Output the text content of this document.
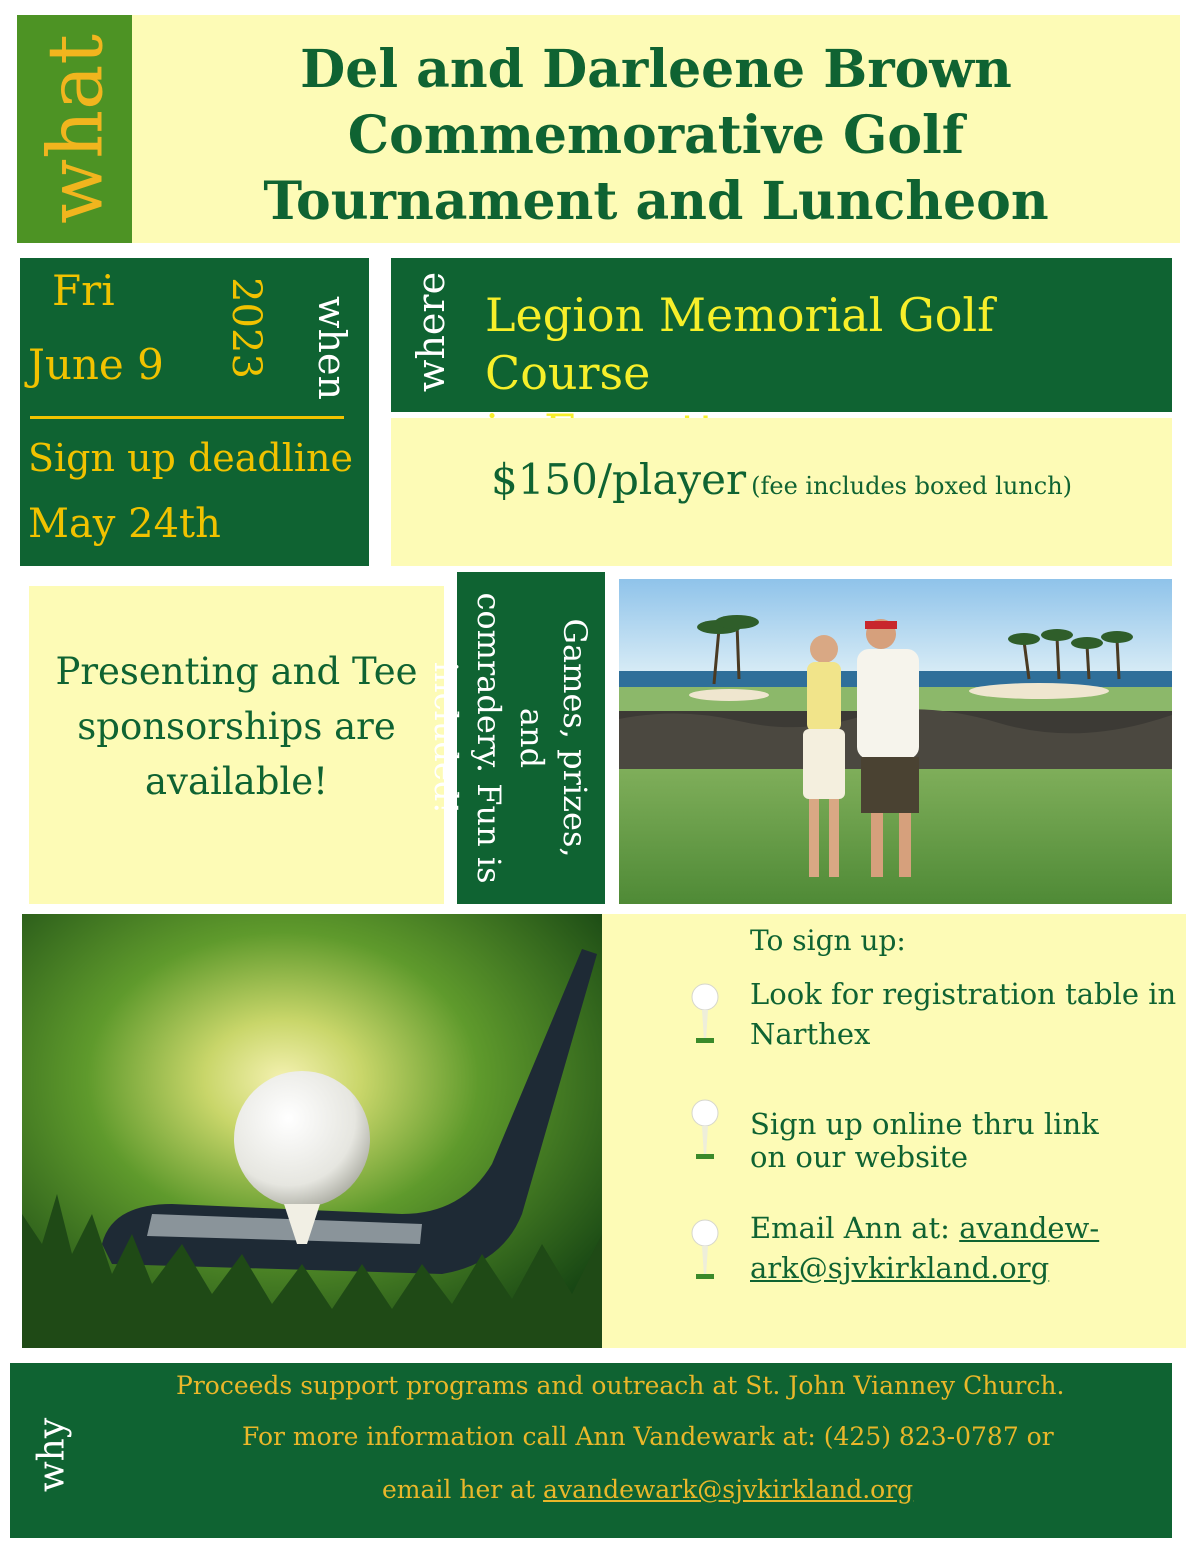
what	Del and Darleene Brown
Commemorative Golf
Tournament and Luncheon
Fri
June 9 2023 when
Sign up deadline
May 24th
where Legion Memorial Golf Course
$150/player (fee includes boxed lunch)
Presenting and Tee
sponsorships are
available!	Games, prizes, and
comradery. Fun is
included!
To sign up:
Look for registration table in
Narthex
Sign up online thru link
on our website
Email Ann at: avandew-
ark@sjvkirkland.org
why
Proceeds support programs and outreach at St. John Vianney Church.
For more information call Ann Vandewark at: (425) 823-0787 or
email her at avandewark@sjvkirkland.org
